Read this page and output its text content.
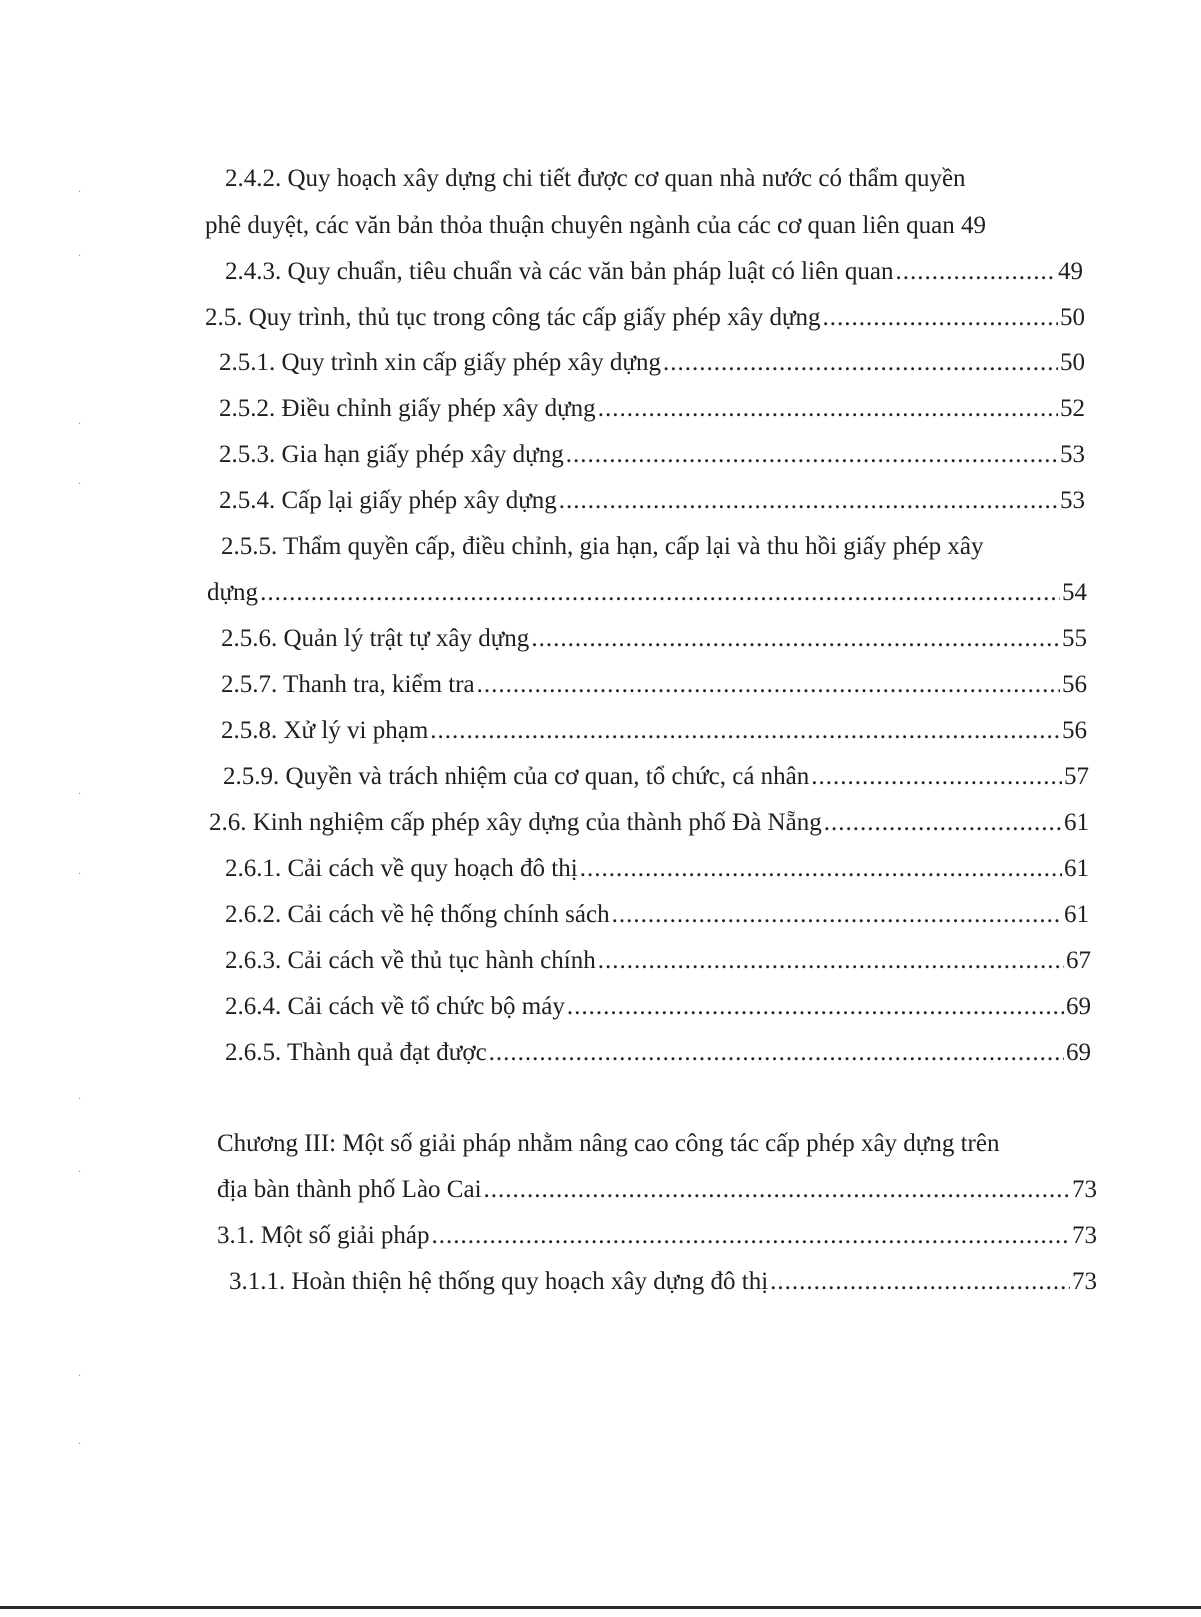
·
·
·
·
·
·
·
·
·
·
2.4.2. Quy hoạch xây dựng chi tiết được cơ quan nhà nước có thẩm quyền
phê duyệt, các văn bản thỏa thuận chuyên ngành của các cơ quan liên quan 49
2.4.3. Quy chuẩn, tiêu chuẩn và các văn bản pháp luật có liên quan .....	49
2.5. Quy trình, thủ tục trong công tác cấp giấy phép xây dựng .....	50
2.5.1. Quy trình xin cấp giấy phép xây dựng .....	50
2.5.2. Điều chỉnh giấy phép xây dựng .....	52
2.5.3. Gia hạn giấy phép xây dựng .....	53
2.5.4. Cấp lại giấy phép xây dựng .....	53
2.5.5. Thẩm quyền cấp, điều chỉnh, gia hạn, cấp lại và thu hồi giấy phép xây
dựng .....	54
2.5.6. Quản lý trật tự xây dựng .....	55
2.5.7. Thanh tra, kiểm tra .....	56
2.5.8. Xử lý vi phạm .....	56
2.5.9. Quyền và trách nhiệm của cơ quan, tổ chức, cá nhân .....	57
2.6. Kinh nghiệm cấp phép xây dựng của thành phố Đà Nẵng .....	61
2.6.1. Cải cách về quy hoạch đô thị .....	61
2.6.2. Cải cách về hệ thống chính sách .....	61
2.6.3. Cải cách về thủ tục hành chính .....	67
2.6.4. Cải cách về tổ chức bộ máy .....	69
2.6.5. Thành quả đạt được .....	69
Chương III: Một số giải pháp nhằm nâng cao công tác cấp phép xây dựng trên
địa bàn thành phố Lào Cai .....	73
3.1. Một số giải pháp .....	73
3.1.1. Hoàn thiện hệ thống quy hoạch xây dựng đô thị .....	73
